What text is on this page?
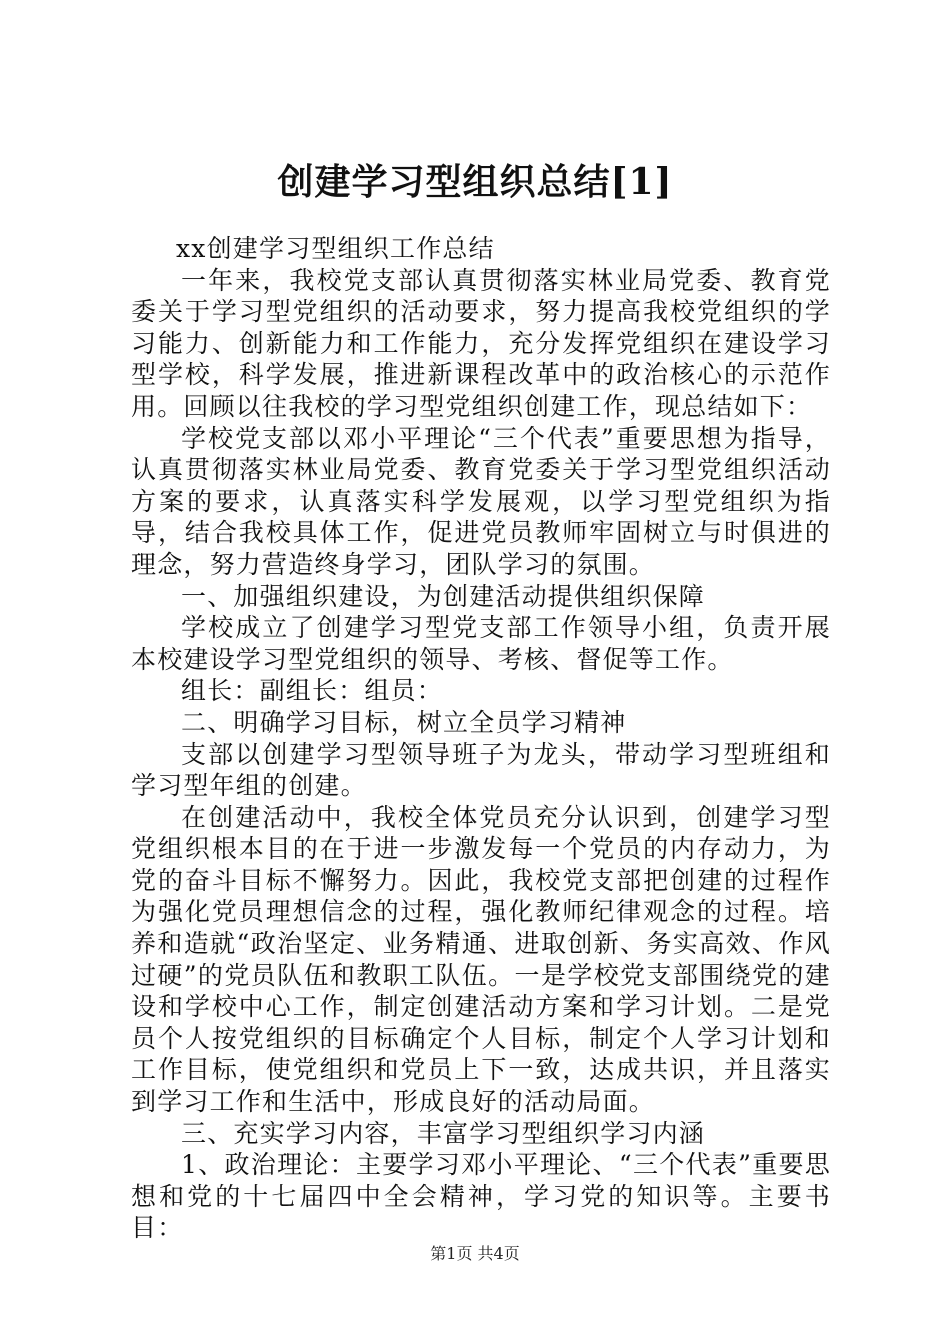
创建学习型组织总结[1]

xx创建学习型组织工作总结

一年来，我校党支部认真贯彻落实林业局党委、教育党委关于学习型党组织的活动要求，努力提高我校党组织的学习能力、创新能力和工作能力，充分发挥党组织在建设学习型学校，科学发展，推进新课程改革中的政治核心的示范作用。回顾以往我校的学习型党组织创建工作，现总结如下：

学校党支部以邓小平理论“三个代表”重要思想为指导，认真贯彻落实林业局党委、教育党委关于学习型党组织活动方案的要求，认真落实科学发展观，以学习型党组织为指导，结合我校具体工作，促进党员教师牢固树立与时俱进的理念，努力营造终身学习，团队学习的氛围。

一、加强组织建设，为创建活动提供组织保障

学校成立了创建学习型党支部工作领导小组，负责开展本校建设学习型党组织的领导、考核、督促等工作。

组长：副组长：组员：

二、明确学习目标，树立全员学习精神

支部以创建学习型领导班子为龙头，带动学习型班组和学习型年组的创建。

在创建活动中，我校全体党员充分认识到，创建学习型党组织根本目的在于进一步激发每一个党员的内存动力，为党的奋斗目标不懈努力。因此，我校党支部把创建的过程作为强化党员理想信念的过程，强化教师纪律观念的过程。培养和造就“政治坚定、业务精通、进取创新、务实高效、作风过硬”的党员队伍和教职工队伍。一是学校党支部围绕党的建设和学校中心工作，制定创建活动方案和学习计划。二是党员个人按党组织的目标确定个人目标，制定个人学习计划和工作目标，使党组织和党员上下一致，达成共识，并且落实到学习工作和生活中，形成良好的活动局面。

三、充实学习内容，丰富学习型组织学习内涵

1、政治理论：主要学习邓小平理论、“三个代表”重要思想和党的十七届四中全会精神，学习党的知识等。主要书目：

第1页 共4页
